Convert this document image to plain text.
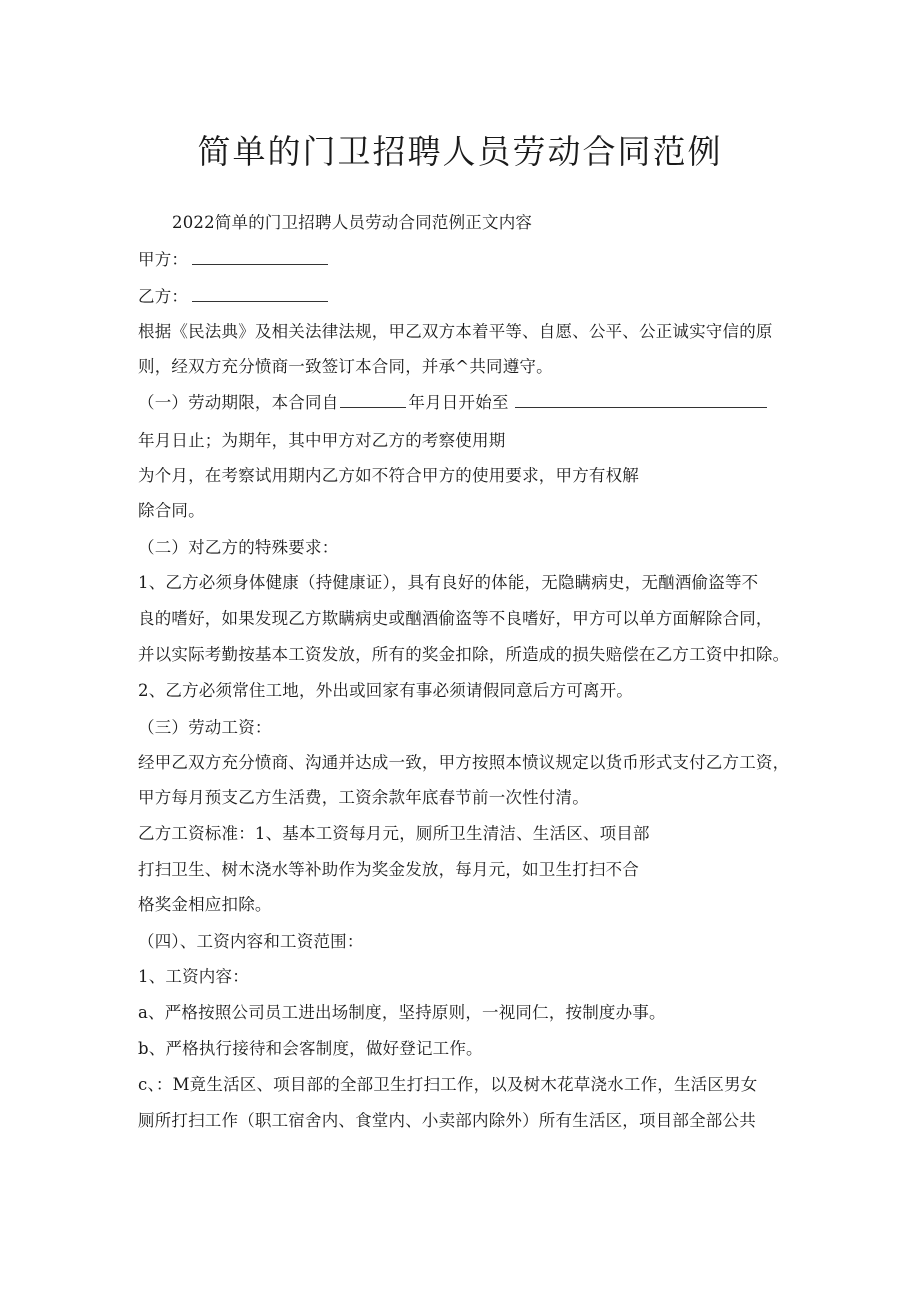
简单的门卫招聘人员劳动合同范例
2022简单的门卫招聘人员劳动合同范例正文内容
甲方：
乙方：
根据《民法典》及相关法律法规，甲乙双方本着平等、自愿、公平、公正诚实守信的原
则，经双方充分愤商一致签订本合同，并承^共同遵守。
（一）劳动期限，本合同自	年月日开始至
年月日止；为期年，其中甲方对乙方的考察使用期
为个月，在考察试用期内乙方如不符合甲方的使用要求，甲方有权解
除合同。
（二）对乙方的特殊要求：
1、乙方必须身体健康（持健康证），具有良好的体能，无隐瞒病史，无酗酒偷盗等不
良的嗜好，如果发现乙方欺瞒病史或酗酒偷盗等不良嗜好，甲方可以单方面解除合同，
并以实际考勤按基本工资发放，所有的奖金扣除，所造成的损失赔偿在乙方工资中扣除。
2、乙方必须常住工地，外出或回家有事必须请假同意后方可离开。
（三）劳动工资：
经甲乙双方充分愤商、沟通并达成一致，甲方按照本愤议规定以货币形式支付乙方工资，
甲方每月预支乙方生活费，工资余款年底春节前一次性付清。
乙方工资标准：1、基本工资每月元，厕所卫生清洁、生活区、项目部
打扫卫生、树木浇水等补助作为奖金发放，每月元，如卫生打扫不合
格奖金相应扣除。
（四）、工资内容和工资范围：
1、工资内容：
a、严格按照公司员工进出场制度，坚持原则，一视同仁，按制度办事。
b、严格执行接待和会客制度，做好登记工作。
c、：M竟生活区、项目部的全部卫生打扫工作，以及树木花草浇水工作，生活区男女
厕所打扫工作（职工宿舍内、食堂内、小卖部内除外）所有生活区，项目部全部公共
